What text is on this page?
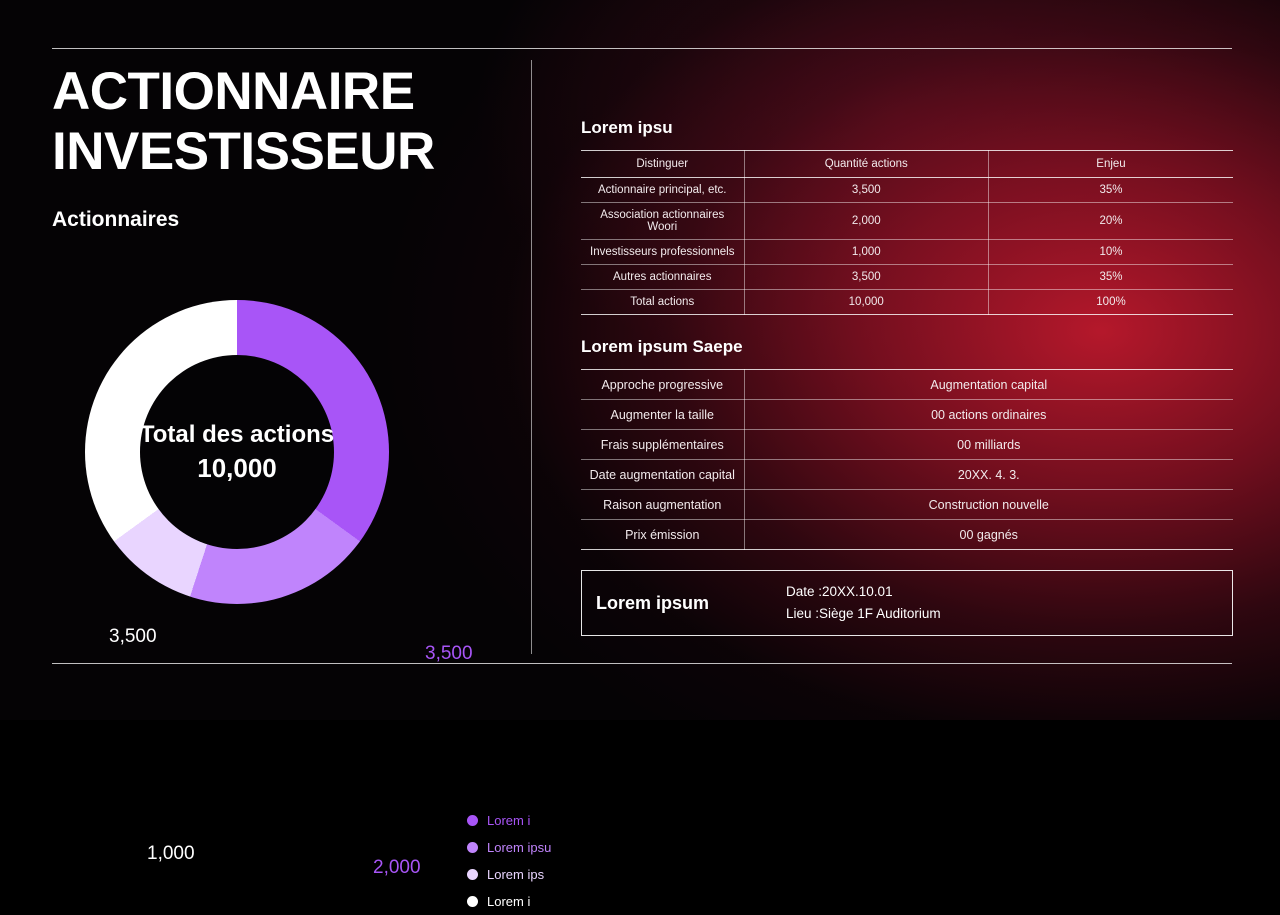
ACTIONNAIRE
INVESTISSEUR
Actionnaires
Total des actions
10,000
3,500
3,500
1,000
2,000
Lorem i
Lorem ipsu
Lorem ips
Lorem i
Lorem ipsu
Distinguer	Quantité actions	Enjeu
Actionnaire principal, etc.	3,500	35%
Association actionnaires Woori	2,000	20%
Investisseurs professionnels	1,000	10%
Autres actionnaires	3,500	35%
Total actions	10,000	100%
Lorem ipsum Saepe
Approche progressive	Augmentation capital
Augmenter la taille	00 actions ordinaires
Frais supplémentaires	00 milliards
Date augmentation capital	20XX. 4. 3.
Raison augmentation	Construction nouvelle
Prix émission	00 gagnés
Lorem ipsum
Date :20XX.10.01
Lieu :Siège 1F Auditorium
